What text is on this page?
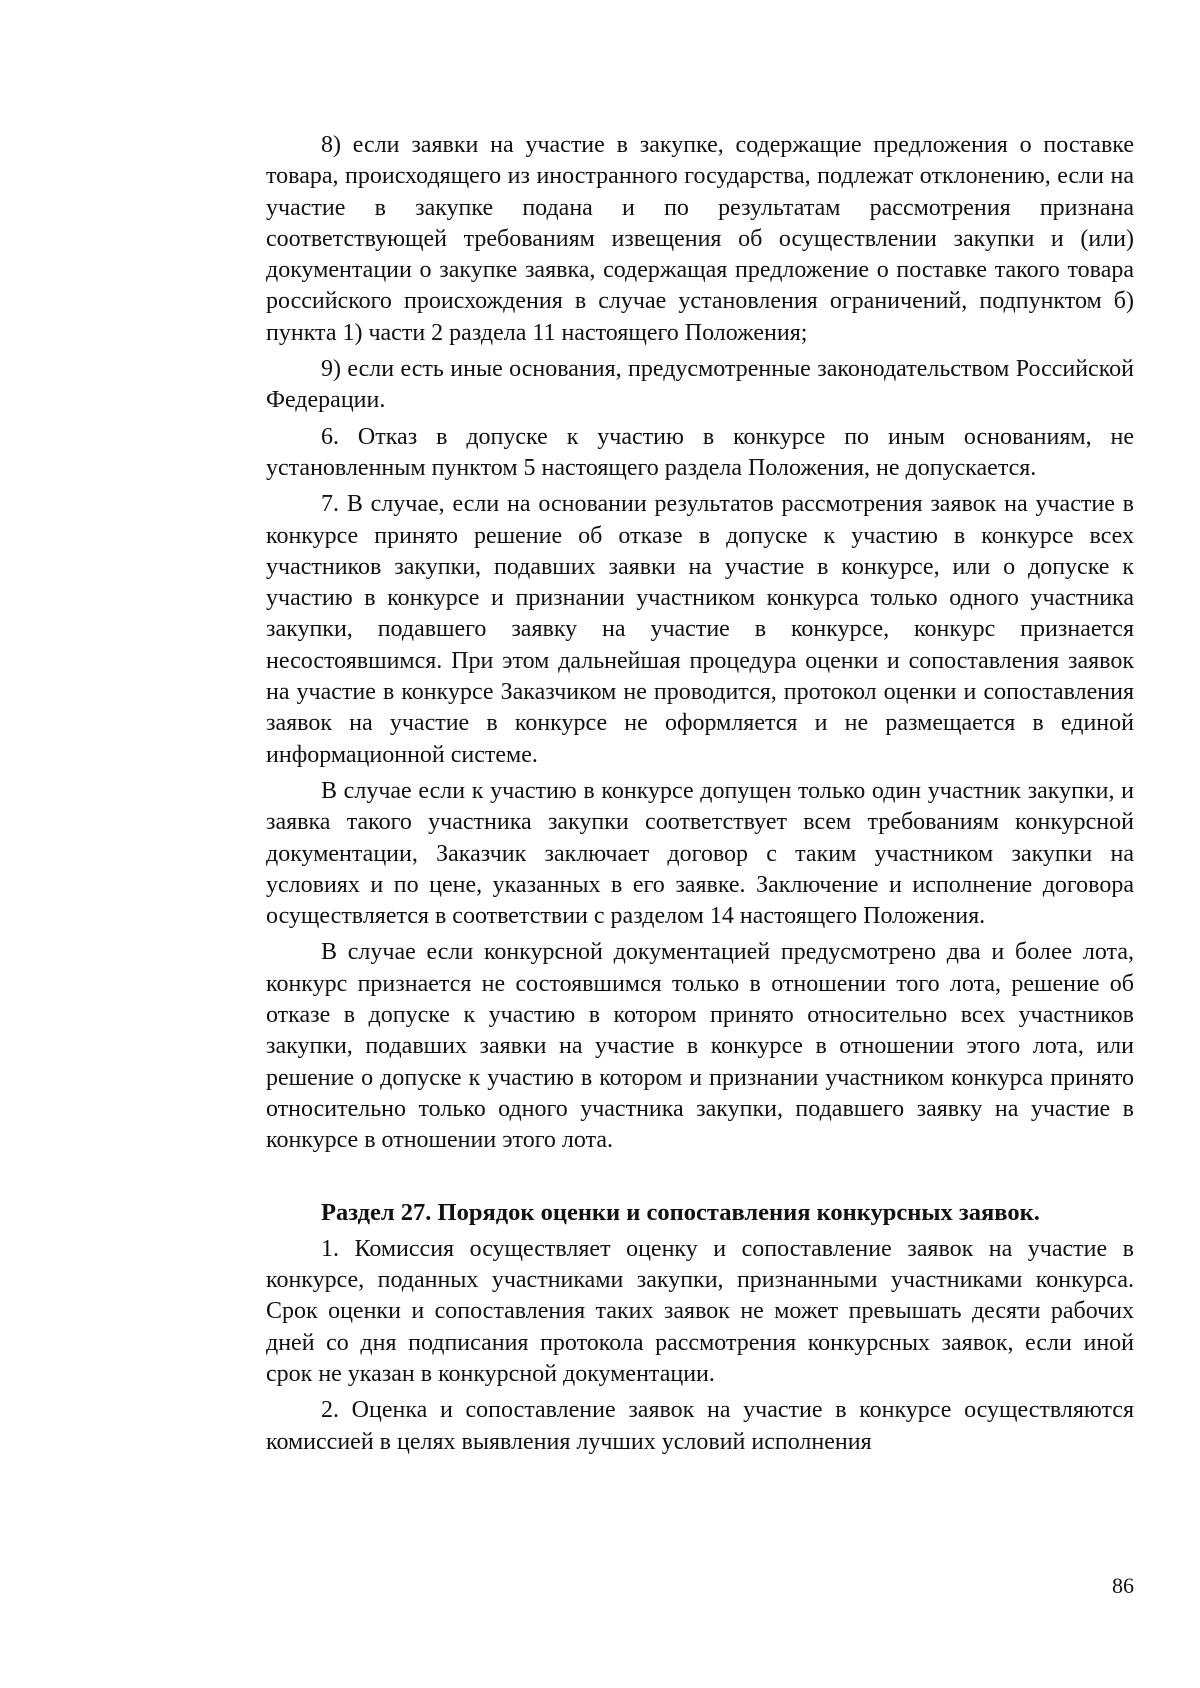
8) если заявки на участие в закупке, содержащие предложения о поставке товара, происходящего из иностранного государства, подлежат отклонению, если на участие в закупке подана и по результатам рассмотрения признана соответствующей требованиям извещения об осуществлении закупки и (или) документации о закупке заявка, содержащая предложение о поставке такого товара российского происхождения в случае установления ограничений, подпунктом б) пункта 1) части 2 раздела 11 настоящего Положения;

9) если есть иные основания, предусмотренные законодательством Российской Федерации.

6. Отказ в допуске к участию в конкурсе по иным основаниям, не установленным пунктом 5 настоящего раздела Положения, не допускается.

7. В случае, если на основании результатов рассмотрения заявок на участие в конкурсе принято решение об отказе в допуске к участию в конкурсе всех участников закупки, подавших заявки на участие в конкурсе, или о допуске к участию в конкурсе и признании участником конкурса только одного участника закупки, подавшего заявку на участие в конкурсе, конкурс признается несостоявшимся. При этом дальнейшая процедура оценки и сопоставления заявок на участие в конкурсе Заказчиком не проводится, протокол оценки и сопоставления заявок на участие в конкурсе не оформляется и не размещается в единой информационной системе.

В случае если к участию в конкурсе допущен только один участник закупки, и заявка такого участника закупки соответствует всем требованиям конкурсной документации, Заказчик заключает договор с таким участником закупки на условиях и по цене, указанных в его заявке. Заключение и исполнение договора осуществляется в соответствии с разделом 14 настоящего Положения.

В случае если конкурсной документацией предусмотрено два и более лота, конкурс признается не состоявшимся только в отношении того лота, решение об отказе в допуске к участию в котором принято относительно всех участников закупки, подавших заявки на участие в конкурсе в отношении этого лота, или решение о допуске к участию в котором и признании участником конкурса принято относительно только одного участника закупки, подавшего заявку на участие в конкурсе в отношении этого лота.

Раздел 27. Порядок оценки и сопоставления конкурсных заявок.

1. Комиссия осуществляет оценку и сопоставление заявок на участие в конкурсе, поданных участниками закупки, признанными участниками конкурса. Срок оценки и сопоставления таких заявок не может превышать десяти рабочих дней со дня подписания протокола рассмотрения конкурсных заявок, если иной срок не указан в конкурсной документации.

2. Оценка и сопоставление заявок на участие в конкурсе осуществляются комиссией в целях выявления лучших условий исполнения

86
